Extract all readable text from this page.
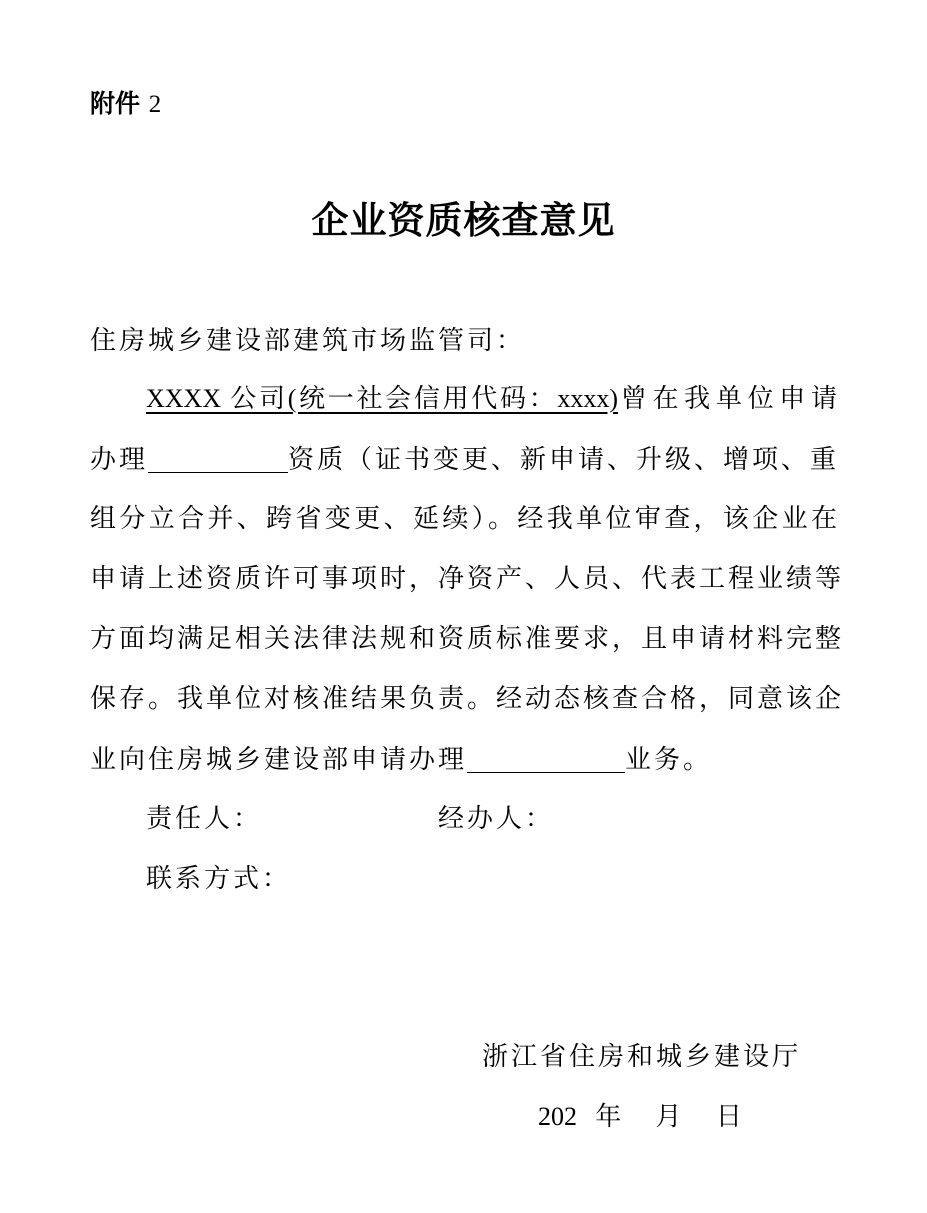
附件 2
企业资质核查意见
住房城乡建设部建筑市场监管司：
XXXX 公司(统一社会信用代码：xxxx)曾在我单位申请
办理	资质（证书变更、新申请、升级、增项、重
组分立合并、跨省变更、延续）。经我单位审查，该企业在
申请上述资质许可事项时，净资产、人员、代表工程业绩等
方面均满足相关法律法规和资质标准要求，且申请材料完整
保存。我单位对核准结果负责。经动态核查合格，同意该企
业向住房城乡建设部申请办理	业务。
责任人：	经办人：
联系方式：
浙江省住房和城乡建设厅
202 年 月 日
